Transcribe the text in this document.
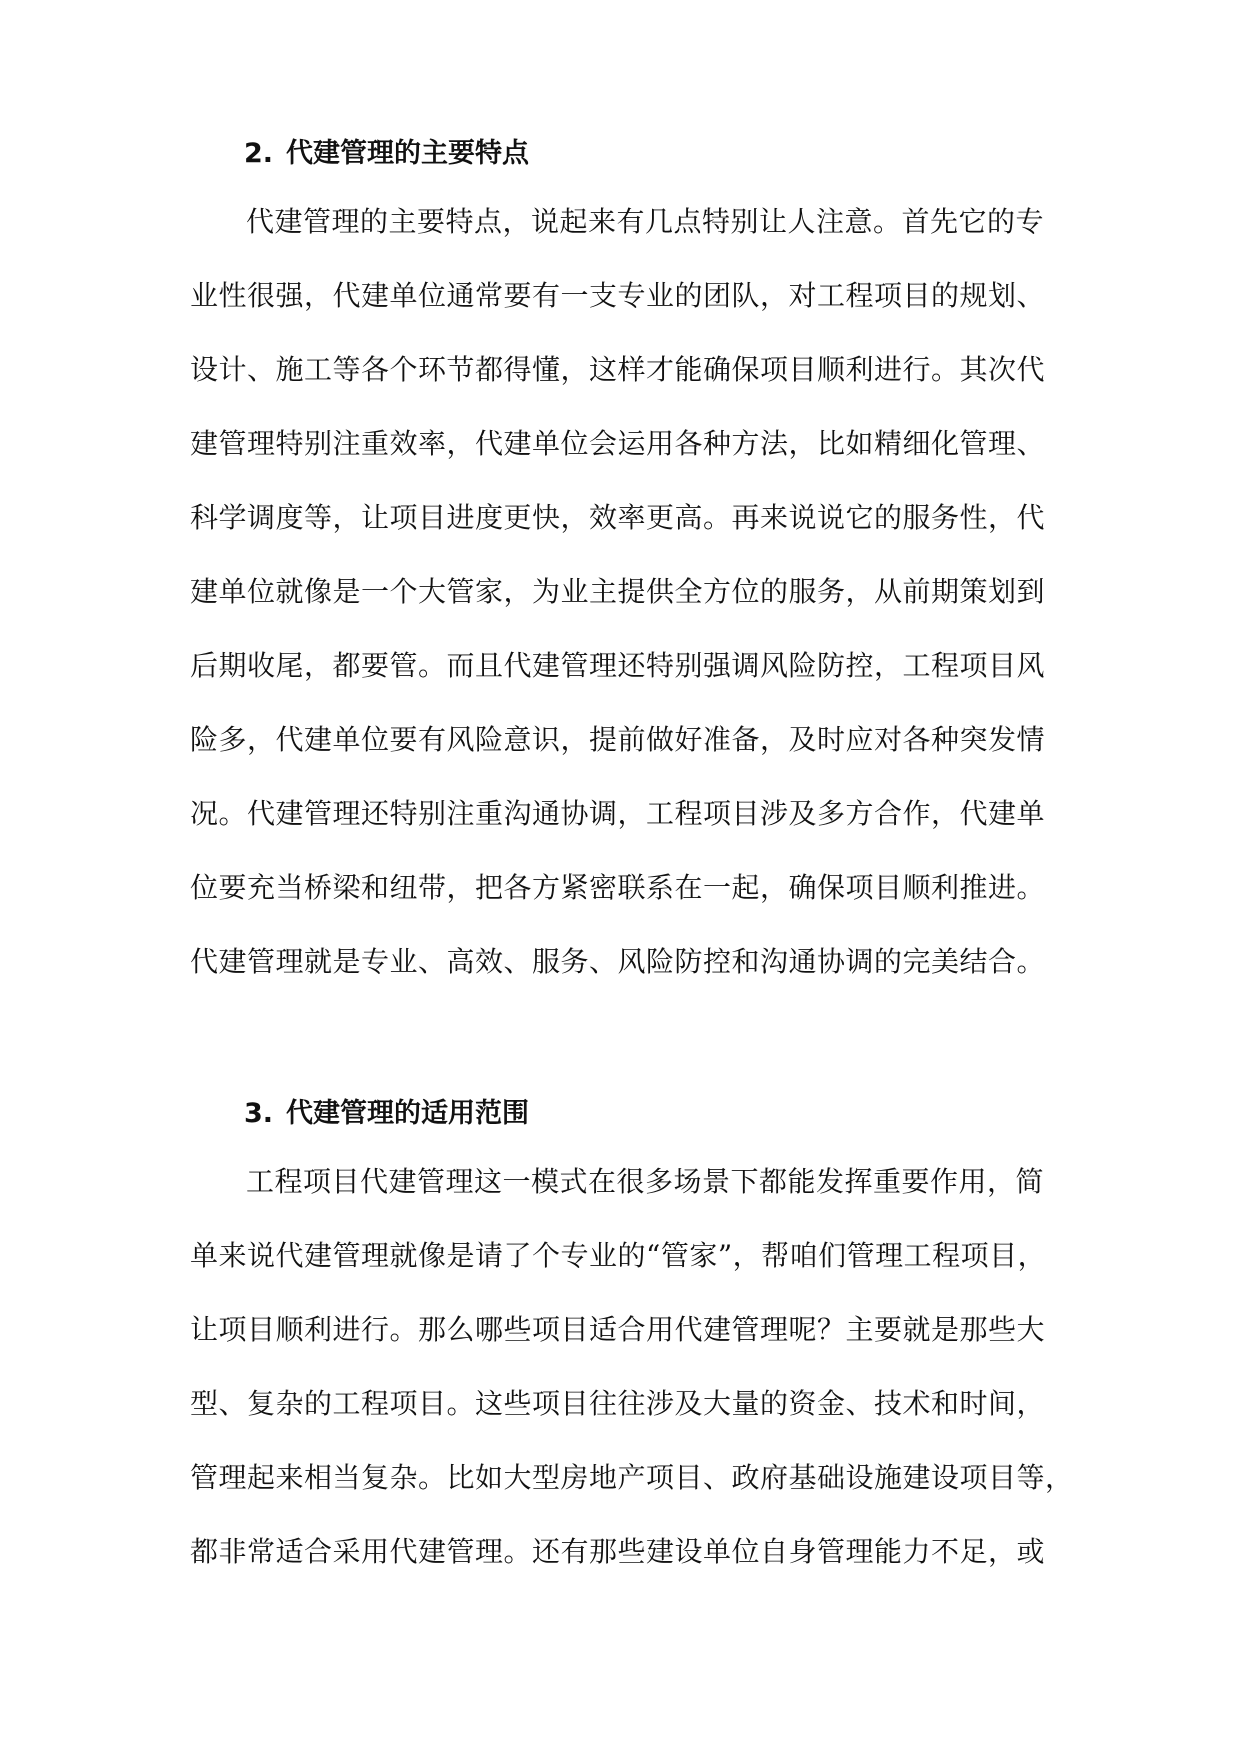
2. 代建管理的主要特点
代建管理的主要特点，说起来有几点特别让人注意。首先它的专
业性很强，代建单位通常要有一支专业的团队，对工程项目的规划、
设计、施工等各个环节都得懂，这样才能确保项目顺利进行。其次代
建管理特别注重效率，代建单位会运用各种方法，比如精细化管理、
科学调度等，让项目进度更快，效率更高。再来说说它的服务性，代
建单位就像是一个大管家，为业主提供全方位的服务，从前期策划到
后期收尾，都要管。而且代建管理还特别强调风险防控，工程项目风
险多，代建单位要有风险意识，提前做好准备，及时应对各种突发情
况。代建管理还特别注重沟通协调，工程项目涉及多方合作，代建单
位要充当桥梁和纽带，把各方紧密联系在一起，确保项目顺利推进。
代建管理就是专业、高效、服务、风险防控和沟通协调的完美结合。
3. 代建管理的适用范围
工程项目代建管理这一模式在很多场景下都能发挥重要作用，简
单来说代建管理就像是请了个专业的“管家”，帮咱们管理工程项目，
让项目顺利进行。那么哪些项目适合用代建管理呢？主要就是那些大
型、复杂的工程项目。这些项目往往涉及大量的资金、技术和时间，
管理起来相当复杂。比如大型房地产项目、政府基础设施建设项目等，
都非常适合采用代建管理。还有那些建设单位自身管理能力不足，或
